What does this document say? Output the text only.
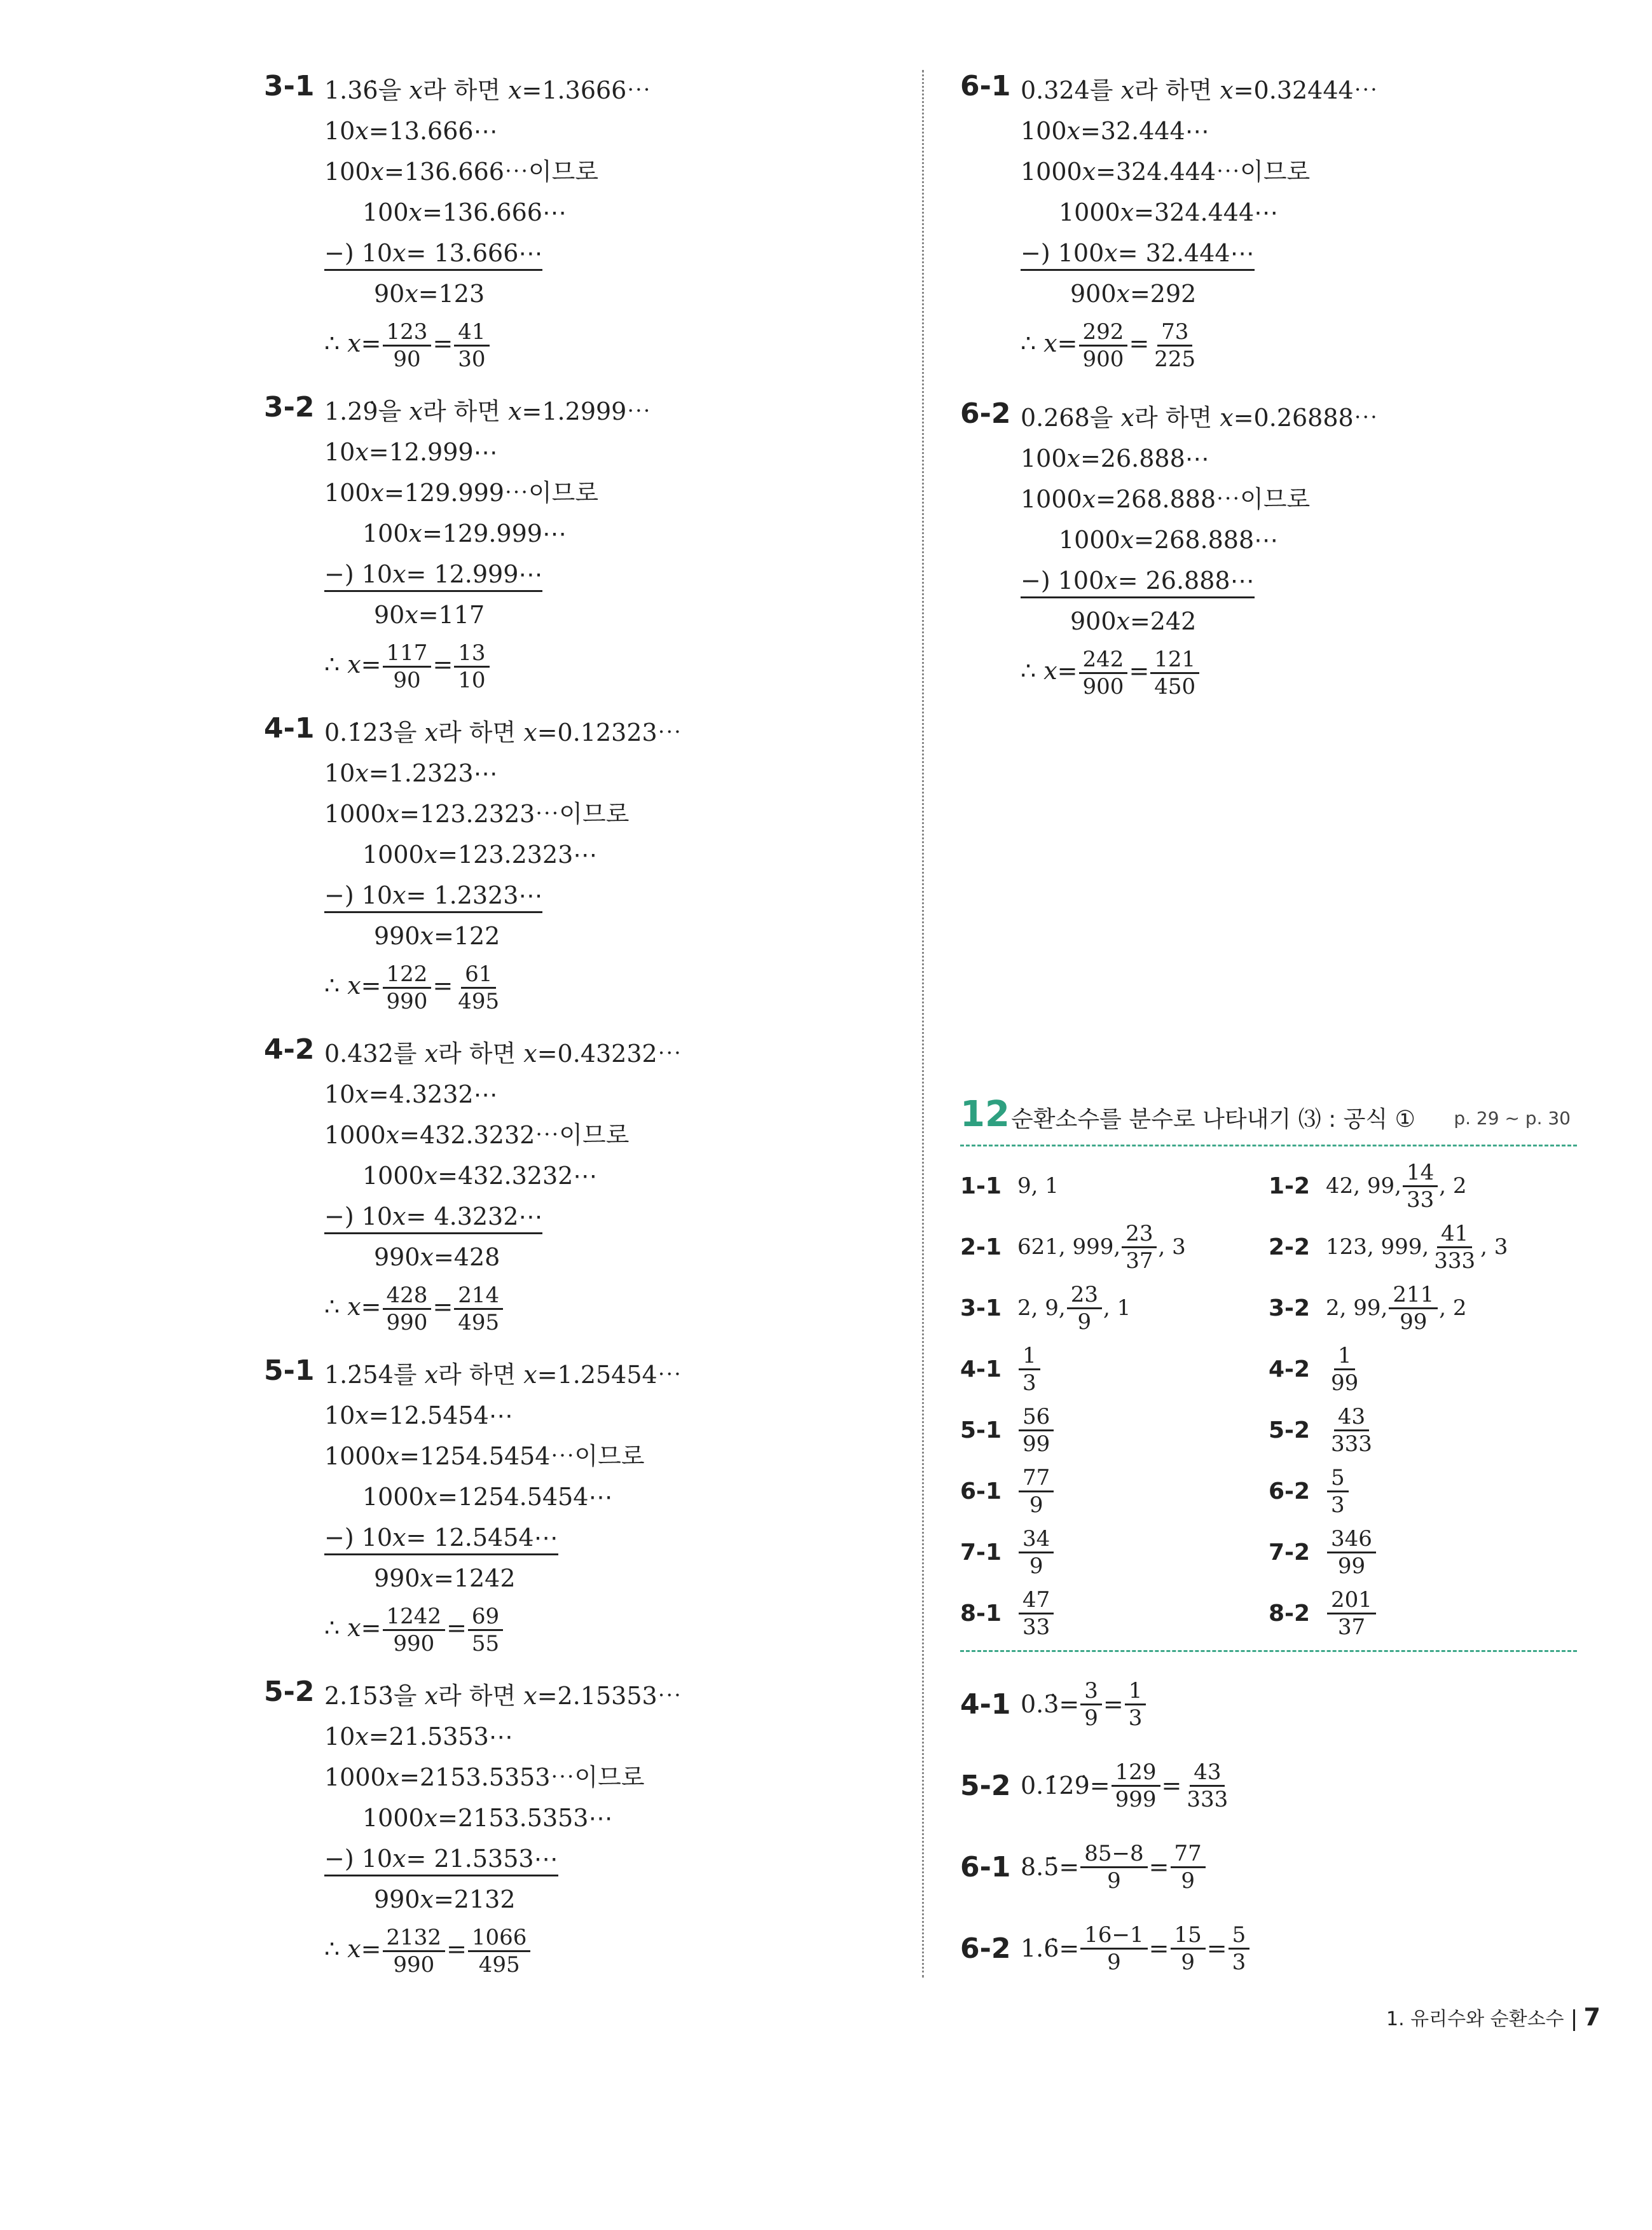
3-1 1.36̇을 𝑥라 하면 𝑥=1.3666⋯
10𝑥=13.666⋯
100𝑥=136.666⋯이므로
100𝑥=136.666⋯
−) 10𝑥= 13.666⋯
90𝑥=123
∴ 𝑥= $\frac{123}{90} = \frac{41}{30}$
3-2 1.29̇을 𝑥라 하면 𝑥=1.2999⋯
10𝑥=12.999⋯
100𝑥=129.999⋯이므로
100𝑥=129.999⋯
−) 10𝑥= 12.999⋯
90𝑥=117
∴ 𝑥= $\frac{117}{90} = \frac{13}{10}$
4-1 0.1̇23̇을 𝑥라 하면 𝑥=0.12323⋯
10𝑥=1.2323⋯
1000𝑥=123.2323⋯이므로
1000𝑥=123.2323⋯
−) 10𝑥= 1.2323⋯
990𝑥=122
∴ 𝑥= $\frac{122}{990} = \frac{61}{495}$
4-2 0.4̇32̇를 𝑥라 하면 𝑥=0.43232⋯
10𝑥=4.3232⋯
1000𝑥=432.3232⋯이므로
1000𝑥=432.3232⋯
−) 10𝑥= 4.3232⋯
990𝑥=428
∴ 𝑥= $\frac{428}{990} = \frac{214}{495}$
5-1 1.2̇54̇를 𝑥라 하면 𝑥=1.25454⋯
10𝑥=12.5454⋯
1000𝑥=1254.5454⋯이므로
1000𝑥=1254.5454⋯
−) 10𝑥= 12.5454⋯
990𝑥=1242
∴ 𝑥= $\frac{1242}{990} = \frac{69}{55}$
5-2 2.1̇53̇을 𝑥라 하면 𝑥=2.15353⋯
10𝑥=21.5353⋯
1000𝑥=2153.5353⋯이므로
1000𝑥=2153.5353⋯
−) 10𝑥= 21.5353⋯
990𝑥=2132
∴ 𝑥= $\frac{2132}{990} = \frac{1066}{495}$
6-1 0.324̇를 𝑥라 하면 𝑥=0.32444⋯
100𝑥=32.444⋯
1000𝑥=324.444⋯이므로
1000𝑥=324.444⋯
−) 100𝑥= 32.444⋯
900𝑥=292
∴ 𝑥= $\frac{292}{900} = \frac{73}{225}$
6-2 0.268̇을 𝑥라 하면 𝑥=0.26888⋯
100𝑥=26.888⋯
1000𝑥=268.888⋯이므로
1000𝑥=268.888⋯
−) 100𝑥= 26.888⋯
900𝑥=242
∴ 𝑥= $\frac{242}{900} = \frac{121}{450}$
12 순환소수를 분수로 나타내기 ⑶ : 공식 ① p. 29 ~ p. 30
1-1 9, 1	1-2 42, 99, $\frac{14}{33}$ , 2
2-1 621, 999, $\frac{23}{37}$ , 3	2-2 123, 999, $\frac{41}{333}$ , 3
3-1 2, 9, $\frac{23}{9}$ , 1	3-2 2, 99, $\frac{211}{99}$ , 2
$4-1 \frac{1}{3}$	$4-2 \frac{1}{99}$
$5-1 \frac{56}{99}$	$5-2 \frac{43}{333}$
$6-1 \frac{77}{9}$	$6-2 \frac{5}{3}$
$7-1 \frac{34}{9}$	$7-2 \frac{346}{99}$
$8-1 \frac{47}{33}$	$8-2 \frac{201}{37}$
4-1 0.3̇= $\frac{3}{9} = \frac{1}{3}$
5-2 0.1̇29̇= $\frac{129}{999} = \frac{43}{333}$
6-1 8.5̇= $\frac{85-8}{9} = \frac{77}{9}$
6-2 1.6̇= $\frac{16-1}{9} = \frac{15}{9} = \frac{5}{3}$
1. 유리수와 순환소수 7
